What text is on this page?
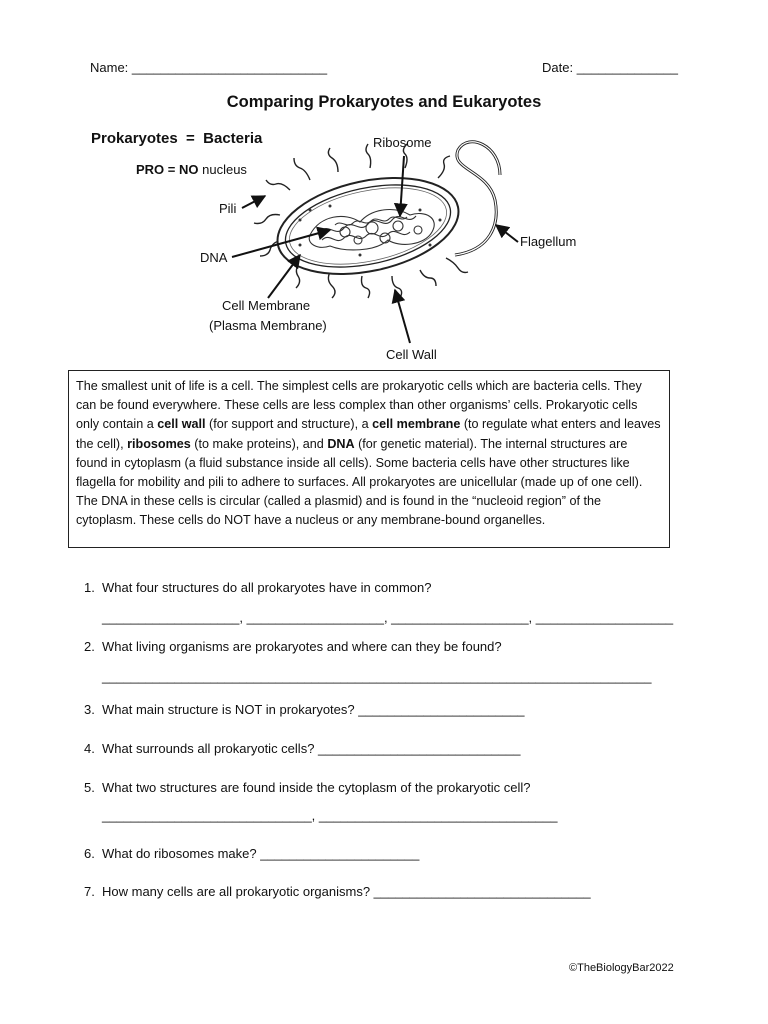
Name: ___________________________	Date: ______________
Comparing Prokaryotes and Eukaryotes
Prokaryotes  =  Bacteria
PRO = NO nucleus
Ribosome
Pili
DNA
Flagellum
Cell Membrane
(Plasma Membrane)
Cell Wall
The smallest unit of life is a cell. The simplest cells are prokaryotic cells which are bacteria cells. They can be found everywhere. These cells are less complex than other organisms’ cells. Prokaryotic cells only contain a cell wall (for support and structure), a cell membrane (to regulate what enters and leaves the cell), ribosomes (to make proteins), and DNA (for genetic material). The internal structures are found in cytoplasm (a fluid substance inside all cells). Some bacteria cells have other structures like flagella for mobility and pili to adhere to surfaces. All prokaryotes are unicellular (made up of one cell). The DNA in these cells is circular (called a plasmid) and is found in the “nucleoid region” of the cytoplasm. These cells do NOT have a nucleus or any membrane-bound organelles.
1. What four structures do all prokaryotes have in common?
___________________, ___________________, ___________________, ___________________
2. What living organisms are prokaryotes and where can they be found?
____________________________________________________________________________
3. What main structure is NOT in prokaryotes? _______________________
4. What surrounds all prokaryotic cells? ____________________________
5. What two structures are found inside the cytoplasm of the prokaryotic cell?
_____________________________, _________________________________
6. What do ribosomes make? ______________________
7. How many cells are all prokaryotic organisms? ______________________________
©TheBiologyBar2022
